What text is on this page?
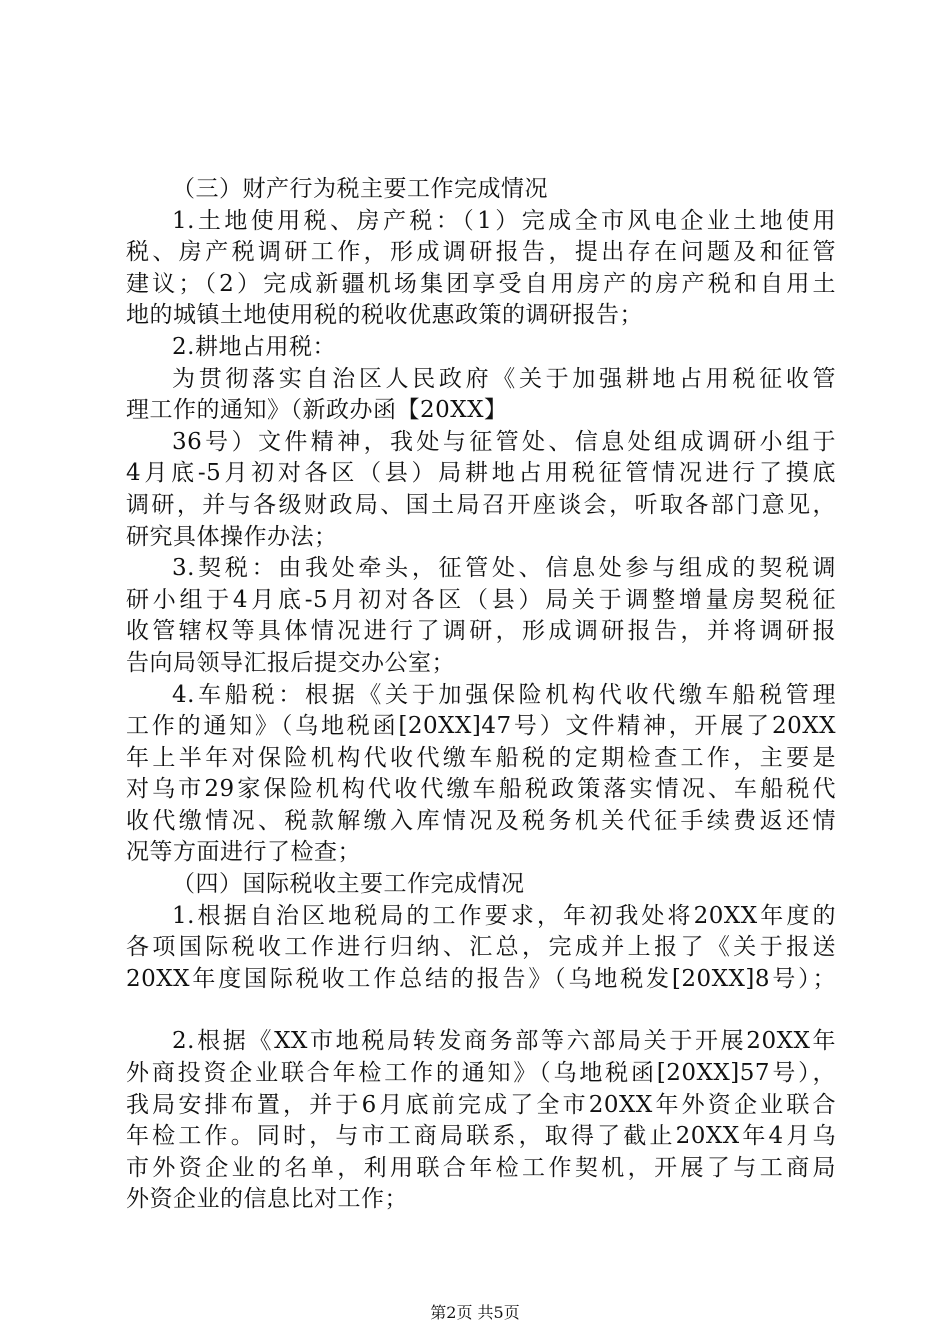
（三）财产行为税主要工作完成情况
1.土地使用税、房产税：（1）完成全市风电企业土地使用
税、房产税调研工作，形成调研报告，提出存在问题及和征管
建议；（2）完成新疆机场集团享受自用房产的房产税和自用土
地的城镇土地使用税的税收优惠政策的调研报告；
2.耕地占用税：
为贯彻落实自治区人民政府《关于加强耕地占用税征收管
理工作的通知》（新政办函【20XX】
36号）文件精神，我处与征管处、信息处组成调研小组于
4月底-5月初对各区（县）局耕地占用税征管情况进行了摸底
调研，并与各级财政局、国土局召开座谈会，听取各部门意见，
研究具体操作办法；
3.契税：由我处牵头，征管处、信息处参与组成的契税调
研小组于4月底-5月初对各区（县）局关于调整增量房契税征
收管辖权等具体情况进行了调研，形成调研报告，并将调研报
告向局领导汇报后提交办公室；
4.车船税：根据《关于加强保险机构代收代缴车船税管理
工作的通知》（乌地税函[20XX]47号）文件精神，开展了20XX
年上半年对保险机构代收代缴车船税的定期检查工作，主要是
对乌市29家保险机构代收代缴车船税政策落实情况、车船税代
收代缴情况、税款解缴入库情况及税务机关代征手续费返还情
况等方面进行了检查；
（四）国际税收主要工作完成情况
1.根据自治区地税局的工作要求，年初我处将20XX年度的
各项国际税收工作进行归纳、汇总，完成并上报了《关于报送
20XX年度国际税收工作总结的报告》（乌地税发[20XX]8号）；
2.根据《XX市地税局转发商务部等六部局关于开展20XX年
外商投资企业联合年检工作的通知》（乌地税函[20XX]57号），
我局安排布置，并于6月底前完成了全市20XX年外资企业联合
年检工作。同时，与市工商局联系，取得了截止20XX年4月乌
市外资企业的名单，利用联合年检工作契机，开展了与工商局
外资企业的信息比对工作；
第2页 共5页
